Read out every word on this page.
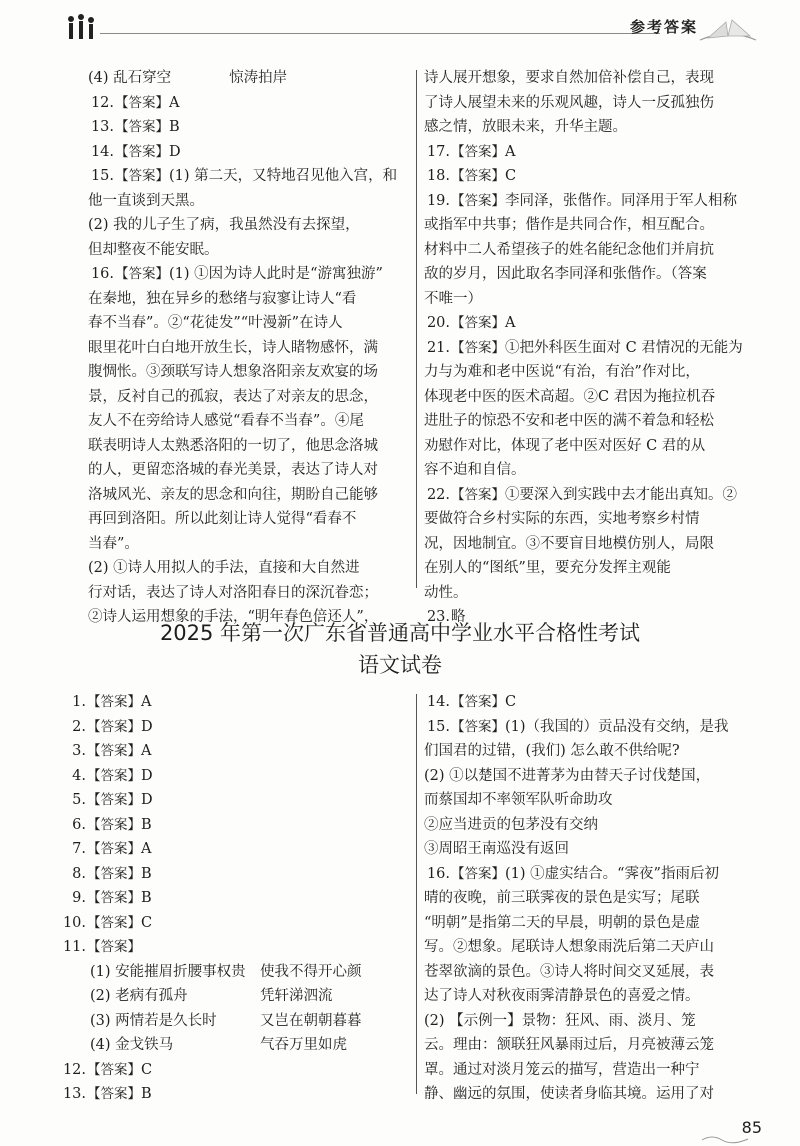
参考答案
(4) 乱石穿空　　　　惊涛拍岸
12. 【答案】A
13. 【答案】B
14. 【答案】D
15. 【答案】(1) 第二天，又特地召见他入宫，和
他一直谈到天黑。
(2) 我的儿子生了病，我虽然没有去探望，
但却整夜不能安眠。
16. 【答案】(1) ①因为诗人此时是“游寓独游”
在秦地，独在异乡的愁绪与寂寥让诗人“看
春不当春”。②“花徒发”“叶漫新”在诗人
眼里花叶白白地开放生长，诗人睹物感怀，满
腹惆怅。③颈联写诗人想象洛阳亲友欢宴的场
景，反衬自己的孤寂，表达了对亲友的思念，
友人不在旁给诗人感觉“看春不当春”。④尾
联表明诗人太熟悉洛阳的一切了，他思念洛城
的人，更留恋洛城的春光美景，表达了诗人对
洛城风光、亲友的思念和向往，期盼自己能够
再回到洛阳。所以此刻让诗人觉得“看春不
当春”。
(2) ①诗人用拟人的手法，直接和大自然进
行对话，表达了诗人对洛阳春日的深沉眷恋；
②诗人运用想象的手法，“明年春色倍还人”，
诗人展开想象，要求自然加倍补偿自己，表现
了诗人展望未来的乐观风趣，诗人一反孤独伤
感之情，放眼未来，升华主题。
17. 【答案】A
18. 【答案】C
19. 【答案】李同泽，张偕作。同泽用于军人相称
或指军中共事；偕作是共同合作，相互配合。
材料中二人希望孩子的姓名能纪念他们并肩抗
敌的岁月，因此取名李同泽和张偕作。（答案
不唯一）
20. 【答案】A
21. 【答案】①把外科医生面对 C 君情况的无能为
力与为难和老中医说“有治，有治”作对比，
体现老中医的医术高超。②C 君因为拖拉机吞
进肚子的惊恐不安和老中医的满不着急和轻松
劝慰作对比，体现了老中医对医好 C 君的从
容不迫和自信。
22. 【答案】①要深入到实践中去才能出真知。②
要做符合乡村实际的东西，实地考察乡村情
况，因地制宜。③不要盲目地模仿别人，局限
在别人的“图纸”里，要充分发挥主观能
动性。
23. 略
2025 年第一次广东省普通高中学业水平合格性考试
语文试卷
1. 【答案】A
2. 【答案】D
3. 【答案】A
4. 【答案】D
5. 【答案】D
6. 【答案】B
7. 【答案】A
8. 【答案】B
9. 【答案】B
10. 【答案】C
11. 【答案】
(1) 安能摧眉折腰事权贵 使我不得开心颜
(2) 老病有孤舟	凭轩涕泗流
(3) 两情若是久长时	又岂在朝朝暮暮
(4) 金戈铁马	气吞万里如虎
12. 【答案】C
13. 【答案】B
14. 【答案】C
15. 【答案】(1)（我国的）贡品没有交纳，是我
们国君的过错，(我们) 怎么敢不供给呢?
(2) ①以楚国不进菁茅为由替天子讨伐楚国，
而蔡国却不率领军队听命助攻
②应当进贡的包茅没有交纳
③周昭王南巡没有返回
16. 【答案】(1) ①虚实结合。“霁夜”指雨后初
晴的夜晚，前三联霁夜的景色是实写；尾联
“明朝”是指第二天的早晨，明朝的景色是虚
写。②想象。尾联诗人想象雨洗后第二天庐山
苍翠欲滴的景色。③诗人将时间交叉延展，表
达了诗人对秋夜雨霁清静景色的喜爱之情。
(2) 【示例一】景物：狂风、雨、淡月、笼
云。理由：颔联狂风暴雨过后，月亮被薄云笼
罩。通过对淡月笼云的描写，营造出一种宁
静、幽远的氛围，使读者身临其境。运用了对
85
